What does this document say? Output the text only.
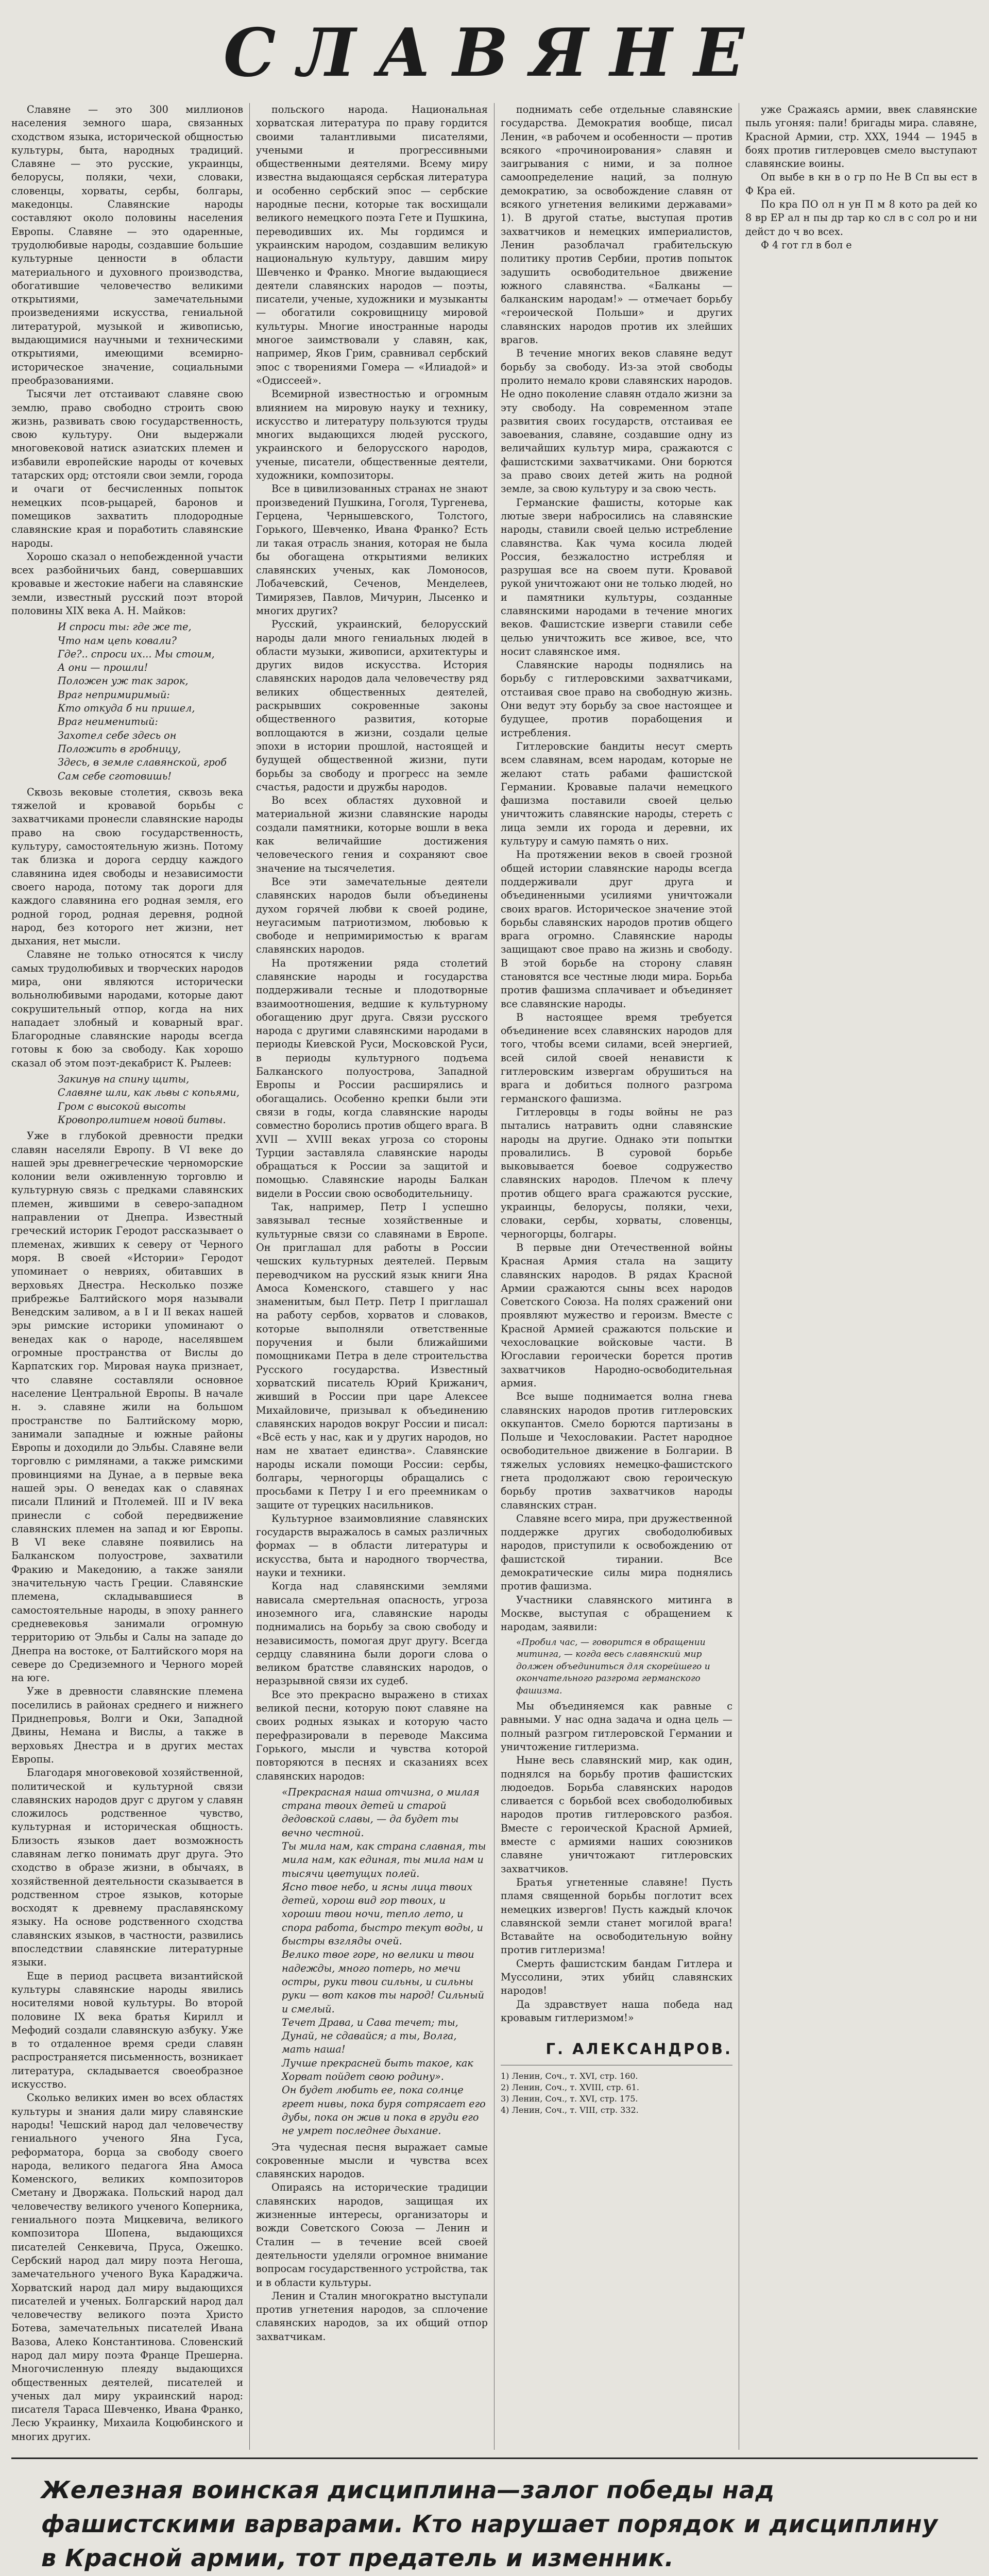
СЛАВЯНЕ

Славяне — это 300 миллионов населения земного шара, связанных сходством языка, исторической общностью культуры, быта, народных традиций. Славяне — это русские, украинцы, белорусы, поляки, чехи, словаки, словенцы, хорваты, сербы, болгары, македонцы. Славянские народы составляют около половины населения Европы. Славяне — это одаренные, трудолюбивые народы, создавшие большие культурные ценности в области материального и духовного производства, обогатившие человечество великими открытиями, замечательными произведениями искусства, гениальной литературой, музыкой и живописью, выдающимися научными и техническими открытиями, имеющими всемирно-историческое значение, социальными преобразованиями.

Тысячи лет отстаивают славяне свою землю, право свободно строить свою жизнь, развивать свою государственность, свою культуру. Они выдержали многовековой натиск азиатских племен и избавили европейские народы от кочевых татарских орд; отстояли свои земли, города и очаги от бесчисленных попыток немецких псов-рыцарей, баронов и помещиков захватить плодородные славянские края и поработить славянские народы.

Хорошо сказал о непобежденной участи всех разбойничьих банд, совершавших кровавые и жестокие набеги на славянские земли, известный русский поэт второй половины XIX века А. Н. Майков:

И спроси ты: где же те,

Что нам цепь ковали?

Где?.. спроси их... Мы стоим,

А они — прошли!

Положен уж так зарок,

Враг непримиримый:

Кто откуда б ни пришел,

Враг неименитый:

Захотел себе здесь он

Положить в гробницу,

Здесь, в земле славянской, гроб

Сам себе сготовишь!

Сквозь вековые столетия, сквозь века тяжелой и кровавой борьбы с захватчиками пронесли славянские народы право на свою государственность, культуру, самостоятельную жизнь. Потому так близка и дорога сердцу каждого славянина идея свободы и независимости своего народа, потому так дороги для каждого славянина его родная земля, его родной город, родная деревня, родной народ, без которого нет жизни, нет дыхания, нет мысли.

Славяне не только относятся к числу самых трудолюбивых и творческих народов мира, они являются исторически вольнолюбивыми народами, которые дают сокрушительный отпор, когда на них нападает злобный и коварный враг. Благородные славянские народы всегда готовы к бою за свободу. Как хорошо сказал об этом поэт-декабрист К. Рылеев:

Закинув на спину щиты,

Славяне шли, как львы с копьями,

Гром с высокой высоты

Кровопролитием новой битвы.

Уже в глубокой древности предки славян населяли Европу. В VI веке до нашей эры древнегреческие черноморские колонии вели оживленную торговлю и культурную связь с предками славянских племен, жившими в северо-западном направлении от Днепра. Известный греческий историк Геродот рассказывает о племенах, живших к северу от Черного моря. В своей «Истории» Геродот упоминает о невриях, обитавших в верховьях Днестра. Несколько позже прибрежье Балтийского моря называли Венедским заливом, а в I и II веках нашей эры римские историки упоминают о венедах как о народе, населявшем огромные пространства от Вислы до Карпатских гор. Мировая наука признает, что славяне составляли основное население Центральной Европы. В начале н. э. славяне жили на большом пространстве по Балтийскому морю, занимали западные и южные районы Европы и доходили до Эльбы. Славяне вели торговлю с римлянами, а также римскими провинциями на Дунае, а в первые века нашей эры. О венедах как о славянах писали Плиний и Птолемей. III и IV века принесли с собой передвижение славянских племен на запад и юг Европы. В VI веке славяне появились на Балканском полуострове, захватили Фракию и Македонию, а также заняли значительную часть Греции. Славянские племена, складывавшиеся в самостоятельные народы, в эпоху раннего средневековья занимали огромную территорию от Эльбы и Салы на западе до Днепра на востоке, от Балтийского моря на севере до Средиземного и Черного морей на юге.

Уже в древности славянские племена поселились в районах среднего и нижнего Приднепровья, Волги и Оки, Западной Двины, Немана и Вислы, а также в верховьях Днестра и в других местах Европы.

Благодаря многовековой хозяйственной, политической и культурной связи славянских народов друг с другом у славян сложилось родственное чувство, культурная и историческая общность. Близость языков дает возможность славянам легко понимать друг друга. Это сходство в образе жизни, в обычаях, в хозяйственной деятельности сказывается в родственном строе языков, которые восходят к древнему праславянскому языку. На основе родственного сходства славянских языков, в частности, развились впоследствии славянские литературные языки.

Еще в период расцвета византийской культуры славянские народы явились носителями новой культуры. Во второй половине IX века братья Кирилл и Мефодий создали славянскую азбуку. Уже в то отдаленное время среди славян распространяется письменность, возникает литература, складывается своеобразное искусство.

Сколько великих имен во всех областях культуры и знания дали миру славянские народы! Чешский народ дал человечеству гениального ученого Яна Гуса, реформатора, борца за свободу своего народа, великого педагога Яна Амоса Коменского, великих композиторов Сметану и Дворжака. Польский народ дал человечеству великого ученого Коперника, гениального поэта Мицкевича, великого композитора Шопена, выдающихся писателей Сенкевича, Пруса, Ожешко. Сербский народ дал миру поэта Негоша, замечательного ученого Вука Караджича. Хорватский народ дал миру выдающихся писателей и ученых. Болгарский народ дал человечеству великого поэта Христо Ботева, замечательных писателей Ивана Вазова, Алеко Константинова. Словенский народ дал миру поэта Франце Прешерна. Многочисленную плеяду выдающихся общественных деятелей, писателей и ученых дал миру украинский народ: писателя Тараса Шевченко, Ивана Франко, Лесю Украинку, Михаила Коцюбинского и многих других.

польского народа. Национальная хорватская литература по праву гордится своими талантливыми писателями, учеными и прогрессивными общественными деятелями. Всему миру известна выдающаяся сербская литература и особенно сербский эпос — сербские народные песни, которые так восхищали великого немецкого поэта Гете и Пушкина, переводивших их. Мы гордимся и украинским народом, создавшим великую национальную культуру, давшим миру Шевченко и Франко. Многие выдающиеся деятели славянских народов — поэты, писатели, ученые, художники и музыканты — обогатили сокровищницу мировой культуры. Многие иностранные народы многое заимствовали у славян, как, например, Яков Грим, сравнивал сербский эпос с творениями Гомера — «Илиадой» и «Одиссеей».

Всемирной известностью и огромным влиянием на мировую науку и технику, искусство и литературу пользуются труды многих выдающихся людей русского, украинского и белорусского народов, ученые, писатели, общественные деятели, художники, композиторы.

Все в цивилизованных странах не знают произведений Пушкина, Гоголя, Тургенева, Герцена, Чернышевского, Толстого, Горького, Шевченко, Ивана Франко? Есть ли такая отрасль знания, которая не была бы обогащена открытиями великих славянских ученых, как Ломоносов, Лобачевский, Сеченов, Менделеев, Тимирязев, Павлов, Мичурин, Лысенко и многих других?

Русский, украинский, белорусский народы дали много гениальных людей в области музыки, живописи, архитектуры и других видов искусства. История славянских народов дала человечеству ряд великих общественных деятелей, раскрывших сокровенные законы общественного развития, которые воплощаются в жизни, создали целые эпохи в истории прошлой, настоящей и будущей общественной жизни, пути борьбы за свободу и прогресс на земле счастья, радости и дружбы народов.

Во всех областях духовной и материальной жизни славянские народы создали памятники, которые вошли в века как величайшие достижения человеческого гения и сохраняют свое значение на тысячелетия.

Все эти замечательные деятели славянских народов были объединены духом горячей любви к своей родине, неугасимым патриотизмом, любовью к свободе и непримиримостью к врагам славянских народов.

На протяжении ряда столетий славянские народы и государства поддерживали тесные и плодотворные взаимоотношения, ведшие к культурному обогащению друг друга. Связи русского народа с другими славянскими народами в периоды Киевской Руси, Московской Руси, в периоды культурного подъема Балканского полуострова, Западной Европы и России расширялись и обогащались. Особенно крепки были эти связи в годы, когда славянские народы совместно боролись против общего врага. В XVII — XVIII веках угроза со стороны Турции заставляла славянские народы обращаться к России за защитой и помощью. Славянские народы Балкан видели в России свою освободительницу.

Так, например, Петр I успешно завязывал тесные хозяйственные и культурные связи со славянами в Европе. Он приглашал для работы в России чешских культурных деятелей. Первым переводчиком на русский язык книги Яна Амоса Коменского, ставшего у нас знаменитым, был Петр. Петр I приглашал на работу сербов, хорватов и словаков, которые выполняли ответственные поручения и были ближайшими помощниками Петра в деле строительства Русского государства. Известный хорватский писатель Юрий Крижанич, живший в России при царе Алексее Михайловиче, призывал к объединению славянских народов вокруг России и писал: «Всё есть у нас, как и у других народов, но нам не хватает единства». Славянские народы искали помощи России: сербы, болгары, черногорцы обращались с просьбами к Петру I и его преемникам о защите от турецких насильников.

Культурное взаимовлияние славянских государств выражалось в самых различных формах — в области литературы и искусства, быта и народного творчества, науки и техники.

Когда над славянскими землями нависала смертельная опасность, угроза иноземного ига, славянские народы поднимались на борьбу за свою свободу и независимость, помогая друг другу. Всегда сердцу славянина были дороги слова о великом братстве славянских народов, о неразрывной связи их судеб.

Все это прекрасно выражено в стихах великой песни, которую поют славяне на своих родных языках и которую часто перефразировали в переводе Максима Горького, мысли и чувства которой повторяются в песнях и сказаниях всех славянских народов:

«Прекрасная наша отчизна, о милая страна твоих детей и старой дедовской славы, — да будет ты вечно честной.

Ты мила нам, как страна славная, ты мила нам, как единая, ты мила нам и тысячи цветущих полей.

Ясно твое небо, и ясны лица твоих детей, хорош вид гор твоих, и хороши твои ночи, тепло лето, и спора работа, быстро текут воды, и быстры взгляды очей.

Велико твое горе, но велики и твои надежды, много потерь, но мечи остры, руки твои сильны, и сильны руки — вот каков ты народ! Сильный и смелый.

Течет Драва, и Сава течет; ты, Дунай, не сдавайся; а ты, Волга, мать наша!

Лучше прекрасней быть такое, как Хорват пойдет свою родину».

Он будет любить ее, пока солнце греет нивы, пока буря сотрясает его дубы, пока он жив и пока в груди его не умрет последнее дыхание.

Эта чудесная песня выражает самые сокровенные мысли и чувства всех славянских народов.

Опираясь на исторические традиции славянских народов, защищая их жизненные интересы, организаторы и вожди Советского Союза — Ленин и Сталин — в течение всей своей деятельности уделяли огромное внимание вопросам государственного устройства, так и в области культуры.

Ленин и Сталин многократно выступали против угнетения народов, за сплочение славянских народов, за их общий отпор захватчикам.

поднимать себе отдельные славянские государства. Демократия вообще, писал Ленин, «в рабочем и особенности — против всякого «прочиноирования» славян и заигрывания с ними, и за полное самоопределение наций, за полную демократию, за освобождение славян от всякого угнетения великими державами» 1). В другой статье, выступая против захватчиков и немецких империалистов, Ленин разоблачал грабительскую политику против Сербии, против попыток задушить освободительное движение южного славянства. «Балканы — балканским народам!» — отмечает борьбу «героической Польши» и других славянских народов против их злейших врагов.

В течение многих веков славяне ведут борьбу за свободу. Из-за этой свободы пролито немало крови славянских народов. Не одно поколение славян отдало жизни за эту свободу. На современном этапе развития своих государств, отстаивая ее завоевания, славяне, создавшие одну из величайших культур мира, сражаются с фашистскими захватчиками. Они борются за право своих детей жить на родной земле, за свою культуру и за свою честь.

Германские фашисты, которые как лютые звери набросились на славянские народы, ставили своей целью истребление славянства. Как чума косила людей Россия, безжалостно истребляя и разрушая все на своем пути. Кровавой рукой уничтожают они не только людей, но и памятники культуры, созданные славянскими народами в течение многих веков. Фашистские изверги ставили себе целью уничтожить все живое, все, что носит славянское имя.

Славянские народы поднялись на борьбу с гитлеровскими захватчиками, отстаивая свое право на свободную жизнь. Они ведут эту борьбу за свое настоящее и будущее, против порабощения и истребления.

Гитлеровские бандиты несут смерть всем славянам, всем народам, которые не желают стать рабами фашистской Германии. Кровавые палачи немецкого фашизма поставили своей целью уничтожить славянские народы, стереть с лица земли их города и деревни, их культуру и самую память о них.

На протяжении веков в своей грозной общей истории славянские народы всегда поддерживали друг друга и объединенными усилиями уничтожали своих врагов. Историческое значение этой борьбы славянских народов против общего врага огромно. Славянские народы защищают свое право на жизнь и свободу. В этой борьбе на сторону славян становятся все честные люди мира. Борьба против фашизма сплачивает и объединяет все славянские народы.

В настоящее время требуется объединение всех славянских народов для того, чтобы всеми силами, всей энергией, всей силой своей ненависти к гитлеровским извергам обрушиться на врага и добиться полного разгрома германского фашизма.

Гитлеровцы в годы войны не раз пытались натравить одни славянские народы на другие. Однако эти попытки провалились. В суровой борьбе выковывается боевое содружество славянских народов. Плечом к плечу против общего врага сражаются русские, украинцы, белорусы, поляки, чехи, словаки, сербы, хорваты, словенцы, черногорцы, болгары.

В первые дни Отечественной войны Красная Армия стала на защиту славянских народов. В рядах Красной Армии сражаются сыны всех народов Советского Союза. На полях сражений они проявляют мужество и героизм. Вместе с Красной Армией сражаются польские и чехословацкие войсковые части. В Югославии героически борется против захватчиков Народно-освободительная армия.

Все выше поднимается волна гнева славянских народов против гитлеровских оккупантов. Смело борются партизаны в Польше и Чехословакии. Растет народное освободительное движение в Болгарии. В тяжелых условиях немецко-фашистского гнета продолжают свою героическую борьбу против захватчиков народы славянских стран.

Славяне всего мира, при дружественной поддержке других свободолюбивых народов, приступили к освобождению от фашистской тирании. Все демократические силы мира поднялись против фашизма.

Участники славянского митинга в Москве, выступая с обращением к народам, заявили:

«Пробил час, — говорится в обращении митинга, — когда весь славянский мир должен объединиться для скорейшего и окончательного разгрома германского фашизма.

Мы объединяемся как равные с равными. У нас одна задача и одна цель — полный разгром гитлеровской Германии и уничтожение гитлеризма.

Ныне весь славянский мир, как один, поднялся на борьбу против фашистских людоедов. Борьба славянских народов сливается с борьбой всех свободолюбивых народов против гитлеровского разбоя. Вместе с героической Красной Армией, вместе с армиями наших союзников славяне уничтожают гитлеровских захватчиков.

Братья угнетенные славяне! Пусть пламя священной борьбы поглотит всех немецких извергов! Пусть каждый клочок славянской земли станет могилой врага! Вставайте на освободительную войну против гитлеризма!

Смерть фашистским бандам Гитлера и Муссолини, этих убийц славянских народов!

Да здравствует наша победа над кровавым гитлеризмом!»

Г. АЛЕКСАНДРОВ.

1) Ленин, Соч., т. XVI, стр. 160.

2) Ленин, Соч., т. XVIII, стр. 61.

3) Ленин, Соч., т. XVI, стр. 175.

4) Ленин, Соч., т. VIII, стр. 332.

уже Сражаясь армии, ввек славянские пыль угоняя: пали! бригады мира. славяне, Красной Армии, стр. XXX, 1944 — 1945 в боях против гитлеровцев смело выступают славянские воины.

Оп выбе в кн в о гр по Не В Сп вы ест в Ф Кра ей.

По кра ПО ол н ун П м 8 кото ра дей ко 8 вр ЕР ал н пы др тар ко сл в с сол ро и ни дейст до ч во всех.

Ф 4 гот гл в бол е

Железная воинская дисциплина—залог победы над фашистскими варварами. Кто нарушает порядок и дисциплину в Красной армии, тот предатель и изменник.
